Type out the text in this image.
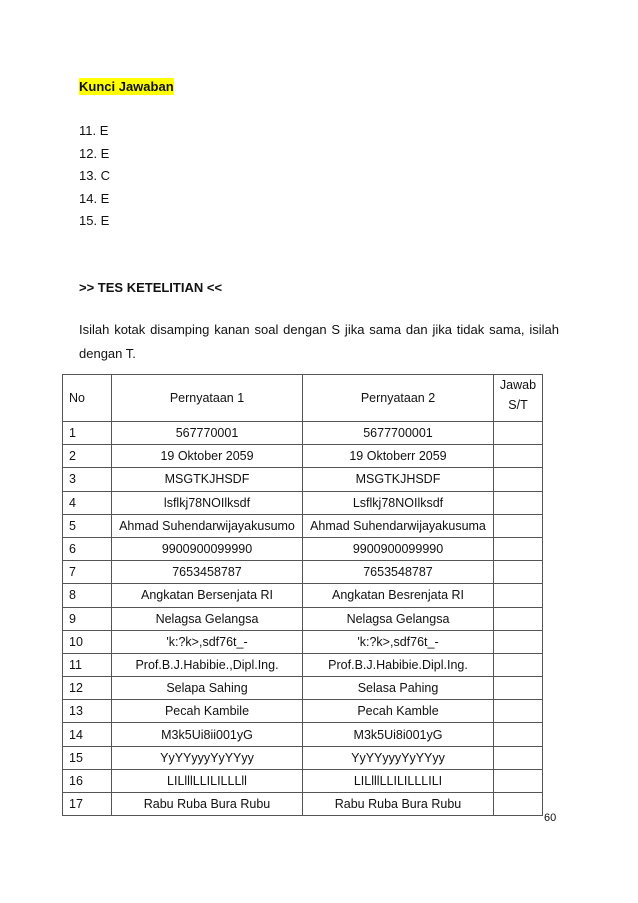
Kunci Jawaban
11. E
12. E
13. C
14. E
15. E
>> TES KETELITIAN <<
Isilah kotak disamping kanan soal dengan S jika sama dan jika tidak sama, isilah dengan T.
No	Pernyataan 1	Pernyataan 2	Jawab
S/T

1	567770001	5677700001	
2	19 Oktober 2059	19 Oktoberr 2059	
3	MSGTKJHSDF	MSGTKJHSDF	
4	lsflkj78NOIlksdf	Lsflkj78NOIlksdf	
5	Ahmad Suhendarwijayakusumo	Ahmad Suhendarwijayakusuma	
6	9900900099990	9900900099990	
7	7653458787	7653548787	
8	Angkatan Bersenjata RI	Angkatan Besrenjata RI	
9	Nelagsa Gelangsa	Nelagsa Gelangsa	
10	'k:?k>,sdf76t_-	'k:?k>,sdf76t_-	
11	Prof.B.J.Habibie.,Dipl.Ing.	Prof.B.J.Habibie.Dipl.Ing.	
12	Selapa Sahing	Selasa Pahing	
13	Pecah Kambile	Pecah Kamble	
14	M3k5Ui8ii001yG	M3k5Ui8i001yG	
15	YyYYyyyYyYYyy	YyYYyyyYyYYyy	
16	LILlllLLILILLLll	LILlllLLILILLLILI	
17	Rabu Ruba Bura Rubu	Rabu Ruba Bura Rubu	
60
